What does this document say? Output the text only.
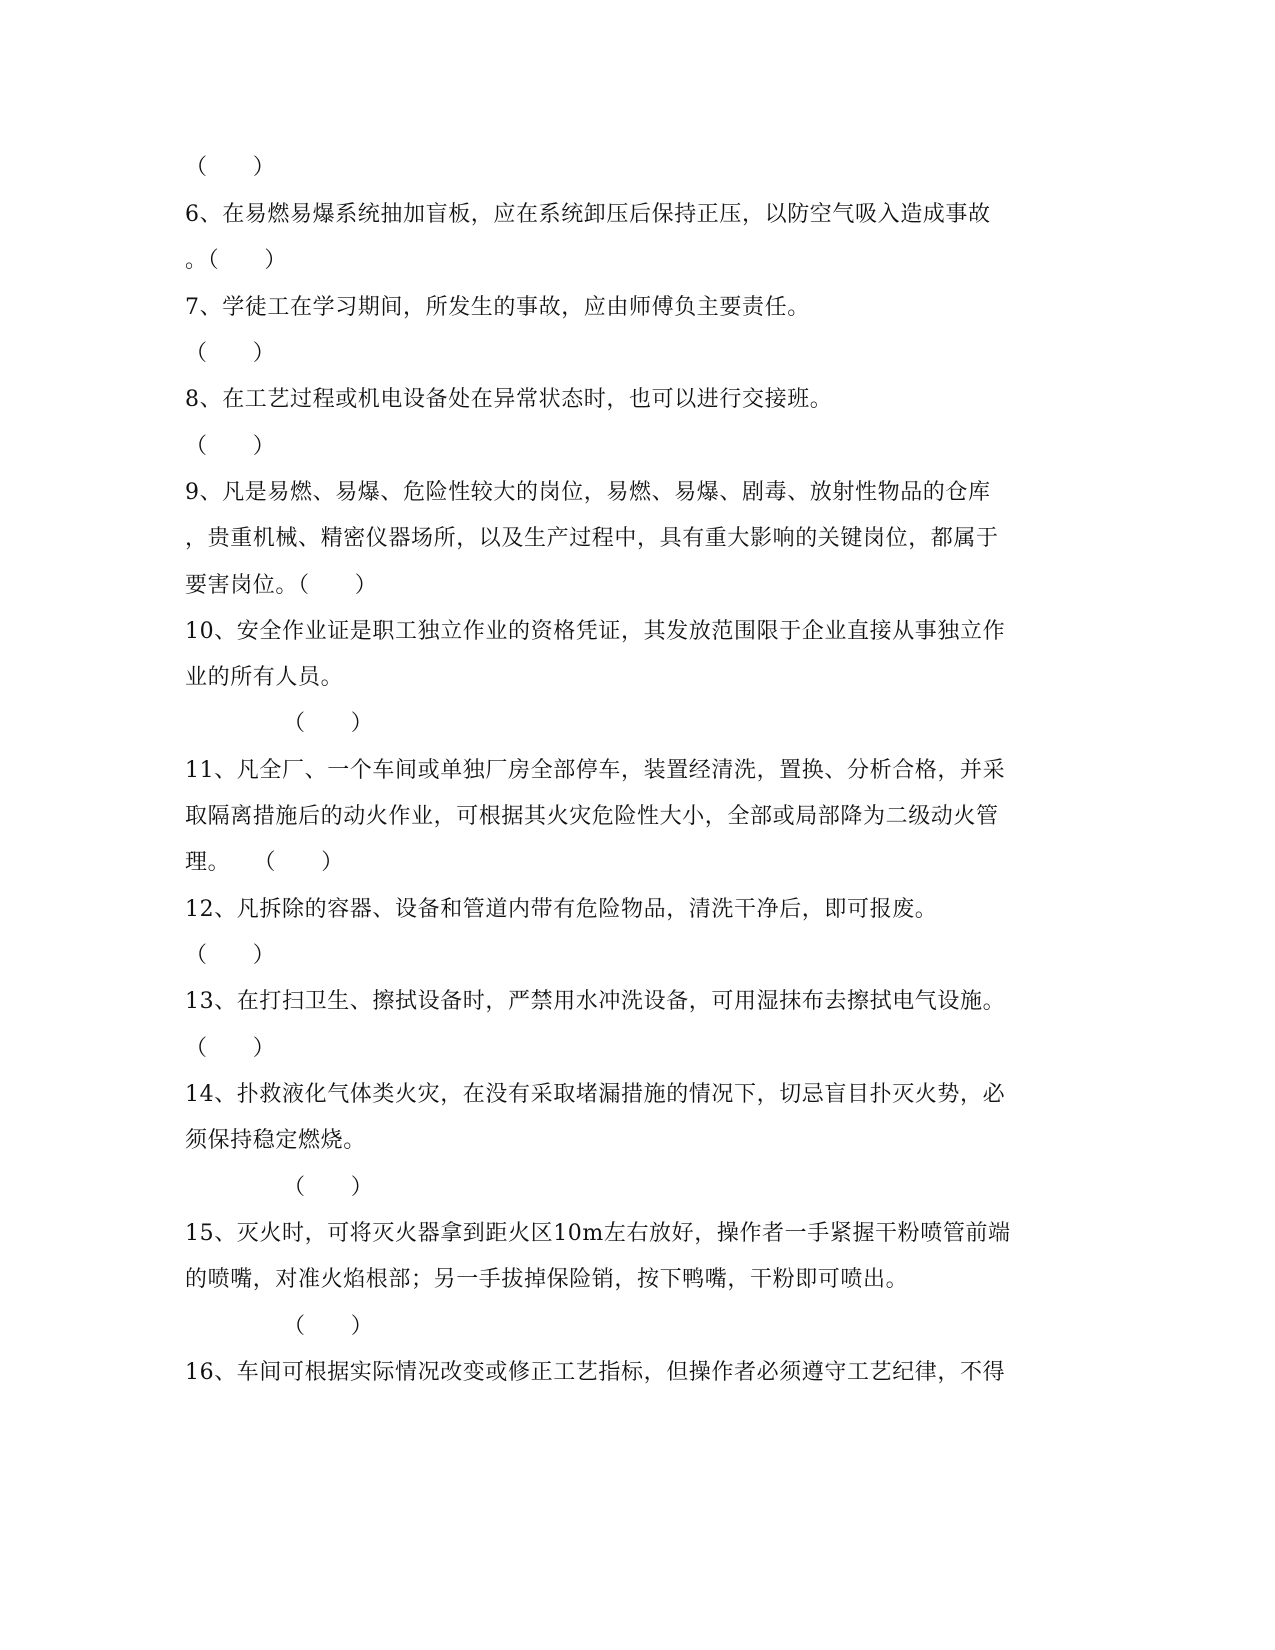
（　　）
6、在易燃易爆系统抽加盲板，应在系统卸压后保持正压，以防空气吸入造成事故
。（　　）
7、学徒工在学习期间，所发生的事故，应由师傅负主要责任。
（　　）
8、在工艺过程或机电设备处在异常状态时，也可以进行交接班。
（　　）
9、凡是易燃、易爆、危险性较大的岗位，易燃、易爆、剧毒、放射性物品的仓库
，贵重机械、精密仪器场所，以及生产过程中，具有重大影响的关键岗位，都属于
要害岗位。（　　）
10、安全作业证是职工独立作业的资格凭证，其发放范围限于企业直接从事独立作
业的所有人员。
（　　）
11、凡全厂、一个车间或单独厂房全部停车，装置经清洗，置换、分析合格，并采
取隔离措施后的动火作业，可根据其火灾危险性大小，全部或局部降为二级动火管
理。　　（　　）
12、凡拆除的容器、设备和管道内带有危险物品，清洗干净后，即可报废。
（　　）
13、在打扫卫生、擦拭设备时，严禁用水冲洗设备，可用湿抹布去擦拭电气设施。
（　　）
14、扑救液化气体类火灾，在没有采取堵漏措施的情况下，切忌盲目扑灭火势，必
须保持稳定燃烧。
（　　）
15、灭火时，可将灭火器拿到距火区10m左右放好，操作者一手紧握干粉喷管前端
的喷嘴，对准火焰根部；另一手拔掉保险销，按下鸭嘴，干粉即可喷出。
（　　）
16、车间可根据实际情况改变或修正工艺指标，但操作者必须遵守工艺纪律，不得
